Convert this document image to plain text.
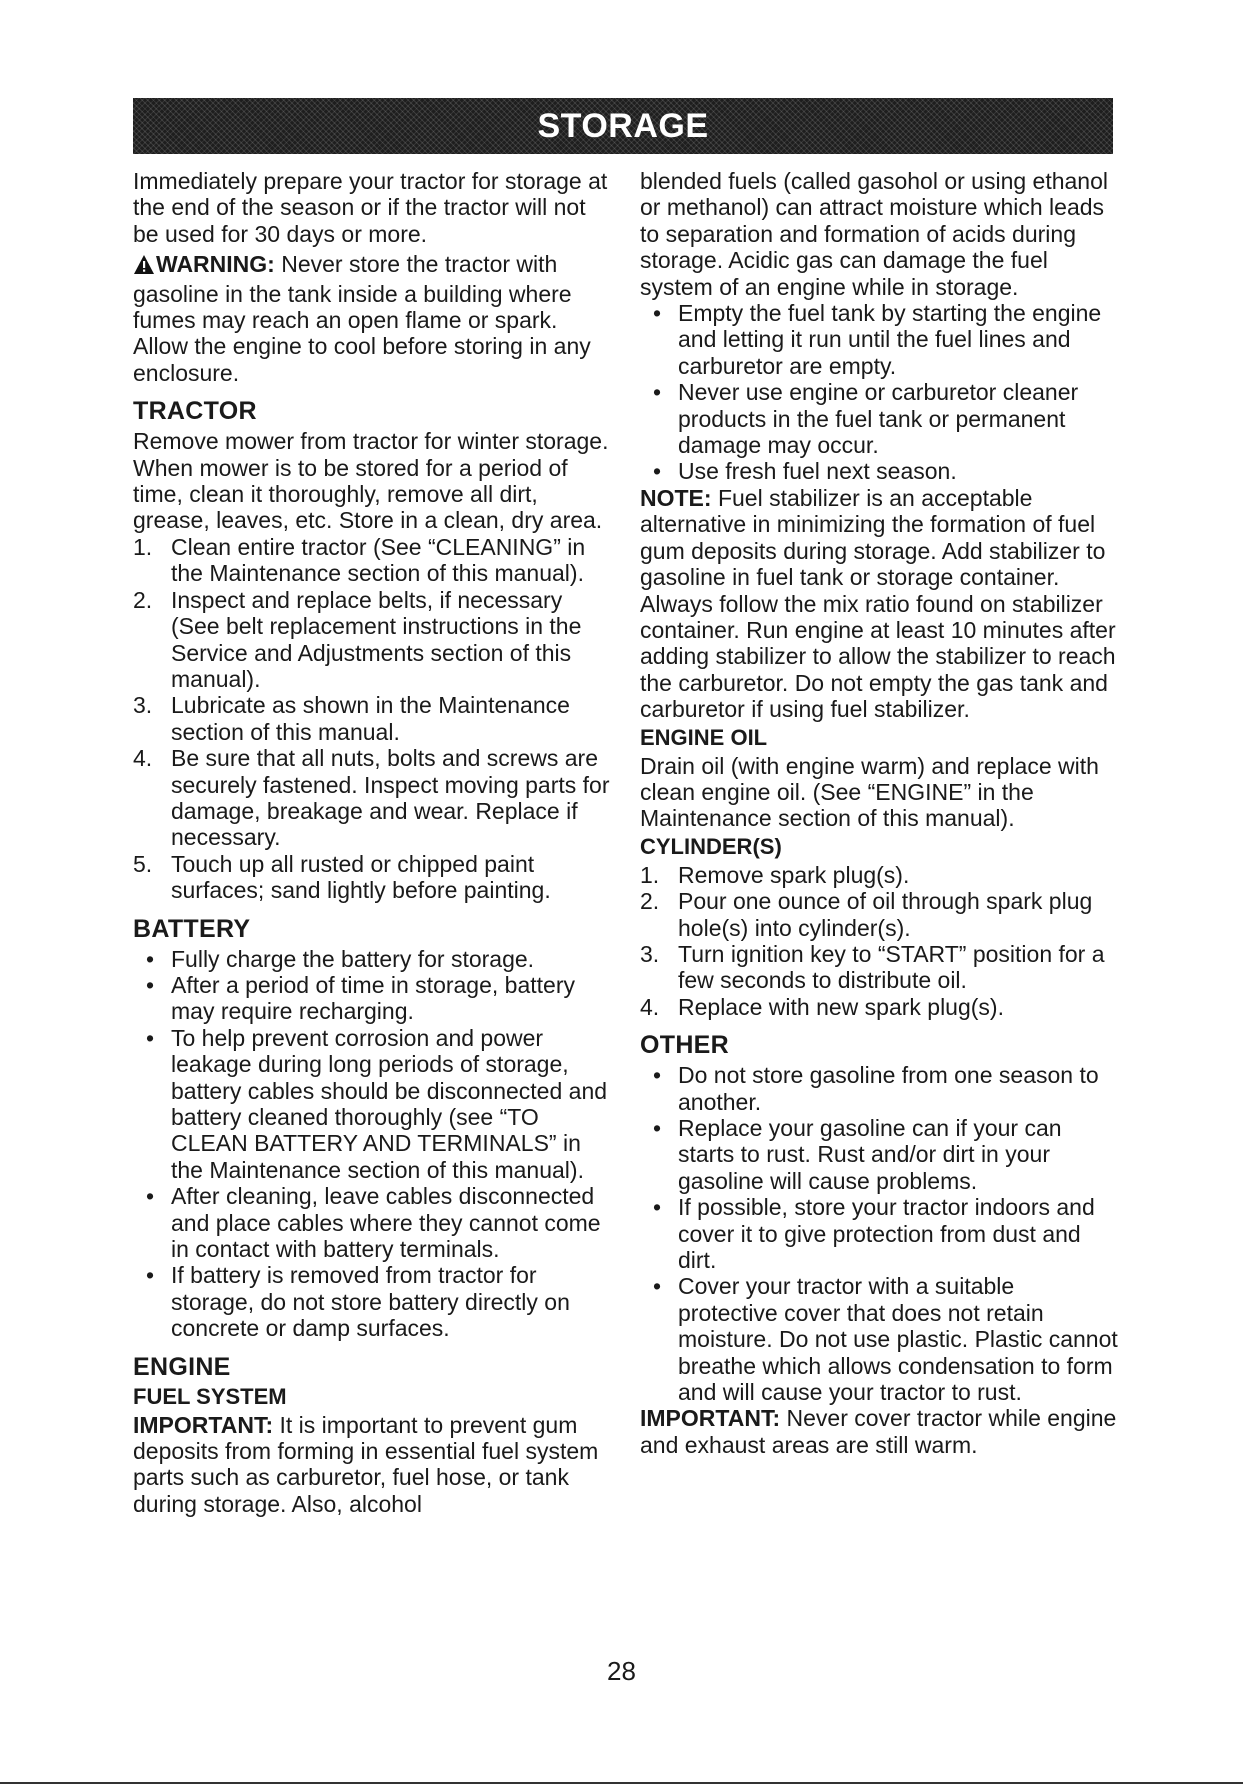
STORAGE

Immediately prepare your tractor for storage at the end of the season or if the tractor will not be used for 30 days or more.

WARNING: Never store the tractor with gasoline in the tank inside a building where fumes may reach an open flame or spark. Allow the engine to cool before storing in any enclosure.

TRACTOR

Remove mower from tractor for winter storage. When mower is to be stored for a period of time, clean it thoroughly, remove all dirt, grease, leaves, etc. Store in a clean, dry area.

1. Clean entire tractor (See “CLEANING” in the Maintenance section of this manual).
2. Inspect and replace belts, if necessary (See belt replacement instructions in the Service and Adjustments section of this manual).
3. Lubricate as shown in the Maintenance section of this manual.
4. Be sure that all nuts, bolts and screws are securely fastened. Inspect moving parts for damage, breakage and wear. Replace if necessary.
5. Touch up all rusted or chipped paint surfaces; sand lightly before painting.
BATTERY
• Fully charge the battery for storage.
• After a period of time in storage, battery may require recharging.
• To help prevent corrosion and power leakage during long periods of storage, battery cables should be disconnected and battery cleaned thoroughly (see “TO CLEAN BATTERY AND TERMINALS” in the Maintenance section of this manual).
• After cleaning, leave cables disconnected and place cables where they cannot come in contact with battery terminals.
• If battery is removed from tractor for storage, do not store battery directly on concrete or damp surfaces.
ENGINE
FUEL SYSTEM

IMPORTANT: It is important to prevent gum deposits from forming in essential fuel system parts such as carburetor, fuel hose, or tank during storage. Also, alcohol

blended fuels (called gasohol or using ethanol or methanol) can attract moisture which leads to separation and formation of acids during storage. Acidic gas can damage the fuel system of an engine while in storage.

• Empty the fuel tank by starting the engine and letting it run until the fuel lines and carburetor are empty.
• Never use engine or carburetor cleaner products in the fuel tank or permanent damage may occur.
• Use fresh fuel next season.

NOTE: Fuel stabilizer is an acceptable alternative in minimizing the formation of fuel gum deposits during storage. Add stabilizer to gasoline in fuel tank or storage container. Always follow the mix ratio found on stabilizer container. Run engine at least 10 minutes after adding stabilizer to allow the stabilizer to reach the carburetor. Do not empty the gas tank and carburetor if using fuel stabilizer.

ENGINE OIL

Drain oil (with engine warm) and replace with clean engine oil. (See “ENGINE” in the Maintenance section of this manual).

CYLINDER(S)
1. Remove spark plug(s).
2. Pour one ounce of oil through spark plug hole(s) into cylinder(s).
3. Turn ignition key to “START” position for a few seconds to distribute oil.
4. Replace with new spark plug(s).
OTHER
• Do not store gasoline from one season to another.
• Replace your gasoline can if your can starts to rust. Rust and/or dirt in your gasoline will cause problems.
• If possible, store your tractor indoors and cover it to give protection from dust and dirt.
• Cover your tractor with a suitable protective cover that does not retain moisture. Do not use plastic. Plastic cannot breathe which allows condensation to form and will cause your tractor to rust.

IMPORTANT: Never cover tractor while engine and exhaust areas are still warm.

28
